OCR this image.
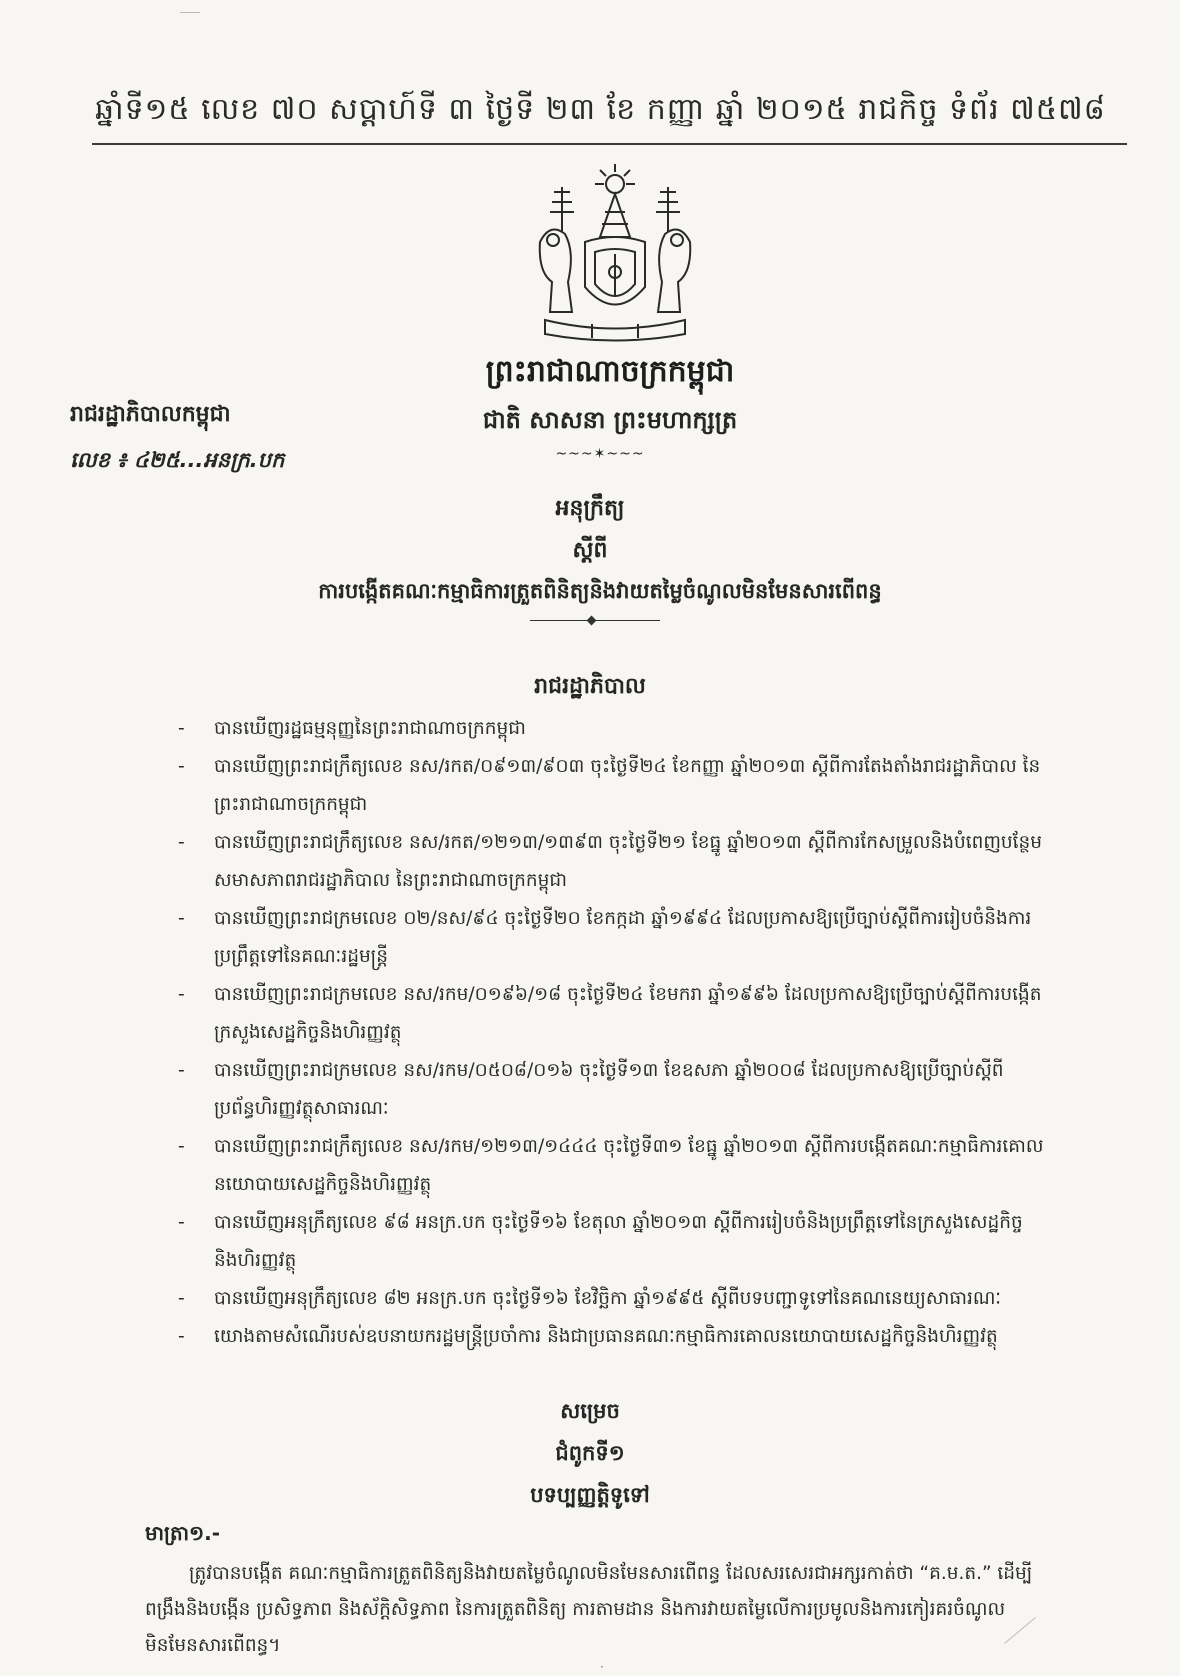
ឆ្នាំទី១៥ លេខ ៧០ សប្ដាហ៍ទី ៣ ថ្ងៃទី ២៣ ខែ កញ្ញា ឆ្នាំ ២០១៥ រាជកិច្ច ទំព័រ ៧៥៧៨
ព្រះរាជាណាចក្រកម្ពុជា
ជាតិ សាសនា ព្រះមហាក្សត្រ
~~~✶~~~
រាជរដ្ឋាភិបាលកម្ពុជា
លេខ ៖ ៤២៥...អនក្រ.បក
អនុក្រឹត្យ
ស្ដីពី
ការបង្កើតគណៈកម្មាធិការត្រួតពិនិត្យនិងវាយតម្លៃចំណូលមិនមែនសារពើពន្ធ
រាជរដ្ឋាភិបាល
- បានឃើញរដ្ឋធម្មនុញ្ញនៃព្រះរាជាណាចក្រកម្ពុជា
- បានឃើញព្រះរាជក្រឹត្យលេខ នស/រកត/០៩១៣/៩០៣ ចុះថ្ងៃទី២៤ ខែកញ្ញា ឆ្នាំ២០១៣ ស្ដីពីការតែងតាំងរាជរដ្ឋាភិបាល នៃព្រះរាជាណាចក្រកម្ពុជា
- បានឃើញព្រះរាជក្រឹត្យលេខ នស/រកត/១២១៣/១៣៩៣ ចុះថ្ងៃទី២១ ខែធ្នូ ឆ្នាំ២០១៣ ស្ដីពីការកែសម្រួលនិងបំពេញបន្ថែមសមាសភាពរាជរដ្ឋាភិបាល នៃព្រះរាជាណាចក្រកម្ពុជា
- បានឃើញព្រះរាជក្រមលេខ ០២/នស/៩៤ ចុះថ្ងៃទី២០ ខែកក្កដា ឆ្នាំ១៩៩៤ ដែលប្រកាសឱ្យប្រើច្បាប់ស្ដីពីការរៀបចំនិងការប្រព្រឹត្តទៅនៃគណៈរដ្ឋមន្ត្រី
- បានឃើញព្រះរាជក្រមលេខ នស/រកម/០១៩៦/១៨ ចុះថ្ងៃទី២៤ ខែមករា ឆ្នាំ១៩៩៦ ដែលប្រកាសឱ្យប្រើច្បាប់ស្ដីពីការបង្កើតក្រសួងសេដ្ឋកិច្ចនិងហិរញ្ញវត្ថុ
- បានឃើញព្រះរាជក្រមលេខ នស/រកម/០៥០៨/០១៦ ចុះថ្ងៃទី១៣ ខែឧសភា ឆ្នាំ២០០៨ ដែលប្រកាសឱ្យប្រើច្បាប់ស្ដីពីប្រព័ន្ធហិរញ្ញវត្ថុសាធារណៈ
- បានឃើញព្រះរាជក្រឹត្យលេខ នស/រកម/១២១៣/១៤៤៤ ចុះថ្ងៃទី៣១ ខែធ្នូ ឆ្នាំ២០១៣ ស្ដីពីការបង្កើតគណៈកម្មាធិការគោលនយោបាយសេដ្ឋកិច្ចនិងហិរញ្ញវត្ថុ
- បានឃើញអនុក្រឹត្យលេខ ៩៨ អនក្រ.បក ចុះថ្ងៃទី១៦ ខែតុលា ឆ្នាំ២០១៣ ស្ដីពីការរៀបចំនិងប្រព្រឹត្តទៅនៃក្រសួងសេដ្ឋកិច្ចនិងហិរញ្ញវត្ថុ
- បានឃើញអនុក្រឹត្យលេខ ៨២ អនក្រ.បក ចុះថ្ងៃទី១៦ ខែវិច្ឆិកា ឆ្នាំ១៩៩៥ ស្ដីពីបទបញ្ជាទូទៅនៃគណនេយ្យសាធារណៈ
- យោងតាមសំណើរបស់ឧបនាយករដ្ឋមន្ត្រីប្រចាំការ និងជាប្រធានគណៈកម្មាធិការគោលនយោបាយសេដ្ឋកិច្ចនិងហិរញ្ញវត្ថុ
សម្រេច
ជំពូកទី១
បទប្បញ្ញត្តិទូទៅ
មាត្រា១.-
ត្រូវបានបង្កើត គណៈកម្មាធិការត្រួតពិនិត្យនិងវាយតម្លៃចំណូលមិនមែនសារពើពន្ធ ដែលសរសេរជាអក្សរកាត់ថា “គ.ម.ត.” ដើម្បីពង្រឹងនិងបង្កើន ប្រសិទ្ធភាព និងស័ក្ដិសិទ្ធភាព នៃការត្រួតពិនិត្យ ការតាមដាន និងការវាយតម្លៃលើការប្រមូលនិងការកៀរគរចំណូលមិនមែនសារពើពន្ធ។
·
